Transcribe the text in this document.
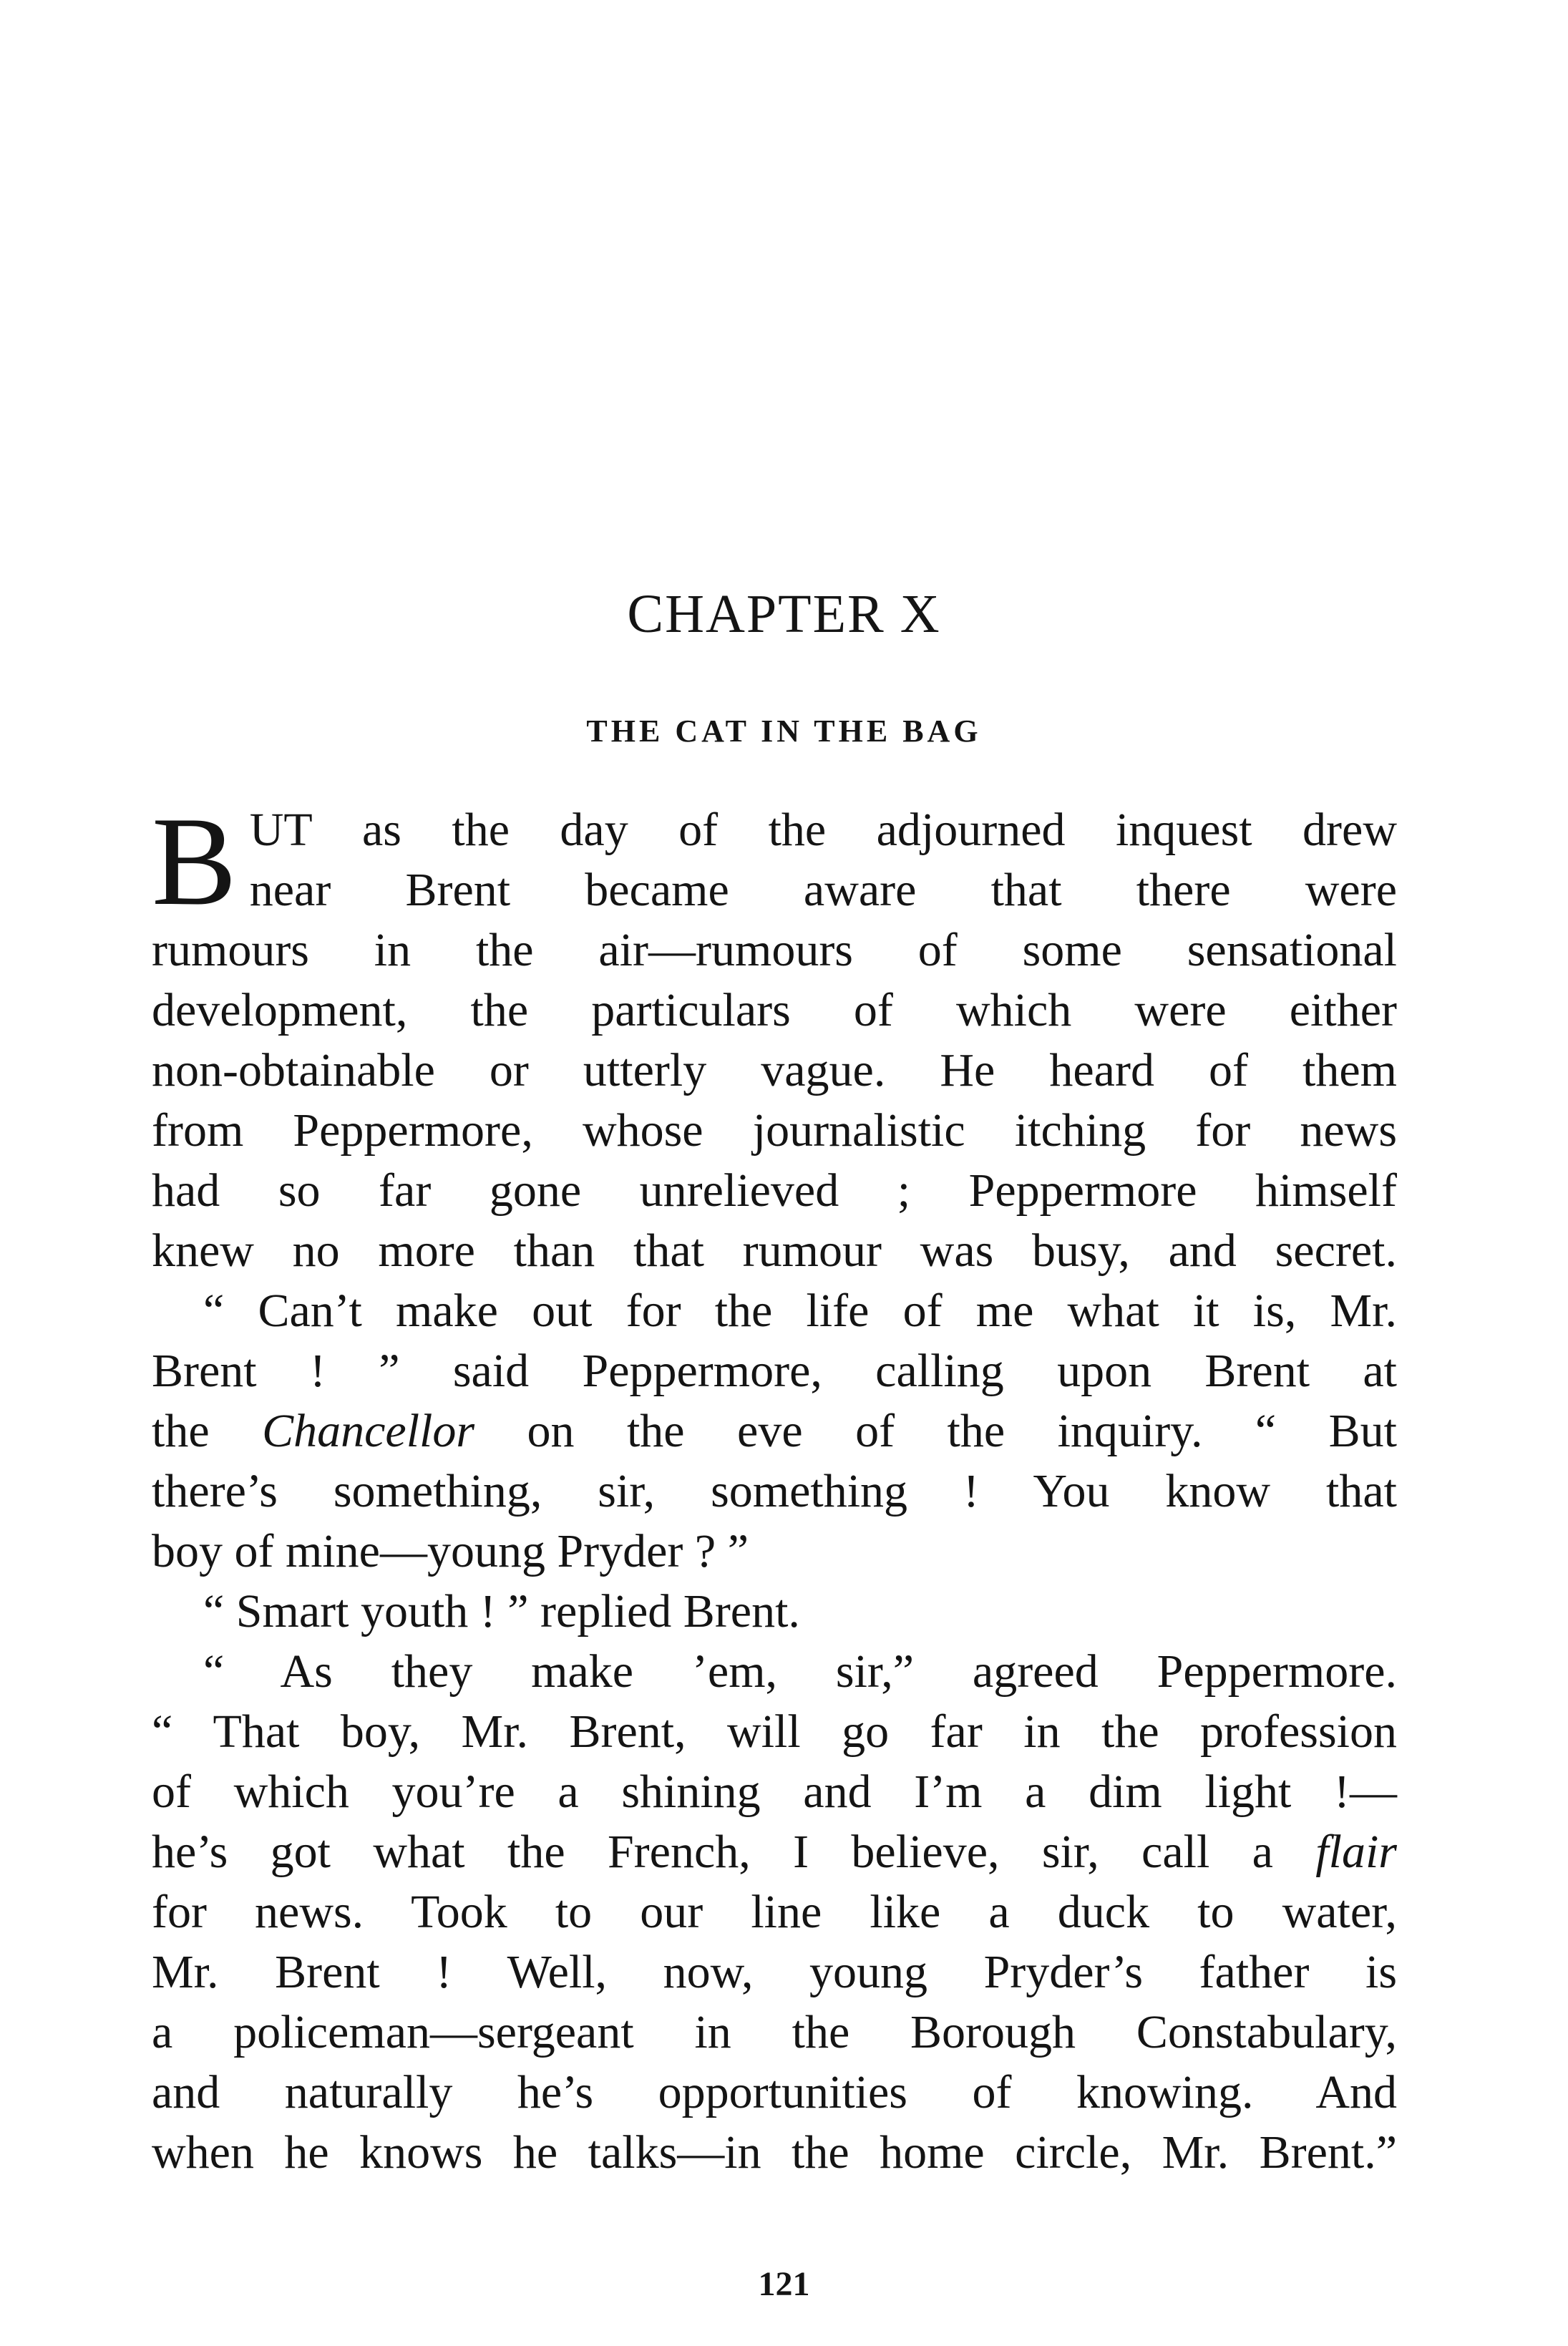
CHAPTER X
THE CAT IN THE BAG
B UT as the day of the adjourned inquest drew
near Brent became aware that there were
rumours in the air—rumours of some sensational
development, the particulars of which were either
non-obtainable or utterly vague. He heard of them
from Peppermore, whose journalistic itching for news
had so far gone unrelieved ; Peppermore himself
knew no more than that rumour was busy, and secret.
“ Can’t make out for the life of me what it is, Mr.
Brent ! ” said Peppermore, calling upon Brent at
the Chancellor on the eve of the inquiry. “ But
there’s something, sir, something ! You know that
boy of mine—young Pryder ? ”
“ Smart youth ! ” replied Brent.
“ As they make ’em, sir,” agreed Peppermore.
“ That boy, Mr. Brent, will go far in the profession
of which you’re a shining and I’m a dim light !—
he’s got what the French, I believe, sir, call a flair
for news. Took to our line like a duck to water,
Mr. Brent ! Well, now, young Pryder’s father is
a policeman—sergeant in the Borough Constabulary,
and naturally he’s opportunities of knowing. And
when he knows he talks—in the home circle, Mr. Brent.”
121
